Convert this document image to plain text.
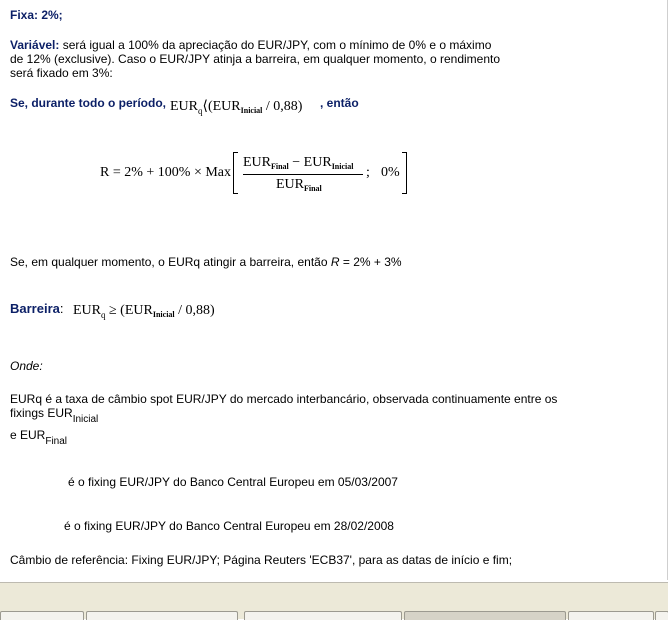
Fixa: 2%;
Variável: será igual a 100% da apreciação do EUR/JPY, com o mínimo de 0% e o máximo
de 12% (exclusive). Caso o EUR/JPY atinja a barreira, em qualquer momento, o rendimento
será fixado em 3%:
Se, durante todo o período, $EUR_q⟨(EUR_{Inicial} / 0,88)$ , então
R = 2% + 100% × Max
$EUR_{Final} - EUR_{Inicial}$
$EUR_{Final}$
; 0%
Se, em qualquer momento, o EURq atingir a barreira, então R = 2% + 3%
Barreira: $EUR_q \ge (EUR_{Inicial} / 0,88)$
Onde:
EURq é a taxa de câmbio spot EUR/JPY do mercado interbancário, observada continuamente entre os
fixings $EUR_{Inicial}$
e $EUR_{Final}$
é o fixing EUR/JPY do Banco Central Europeu em 05/03/2007
é o fixing EUR/JPY do Banco Central Europeu em 28/02/2008
Câmbio de referência: Fixing EUR/JPY; Página Reuters 'ECB37', para as datas de início e fim;
